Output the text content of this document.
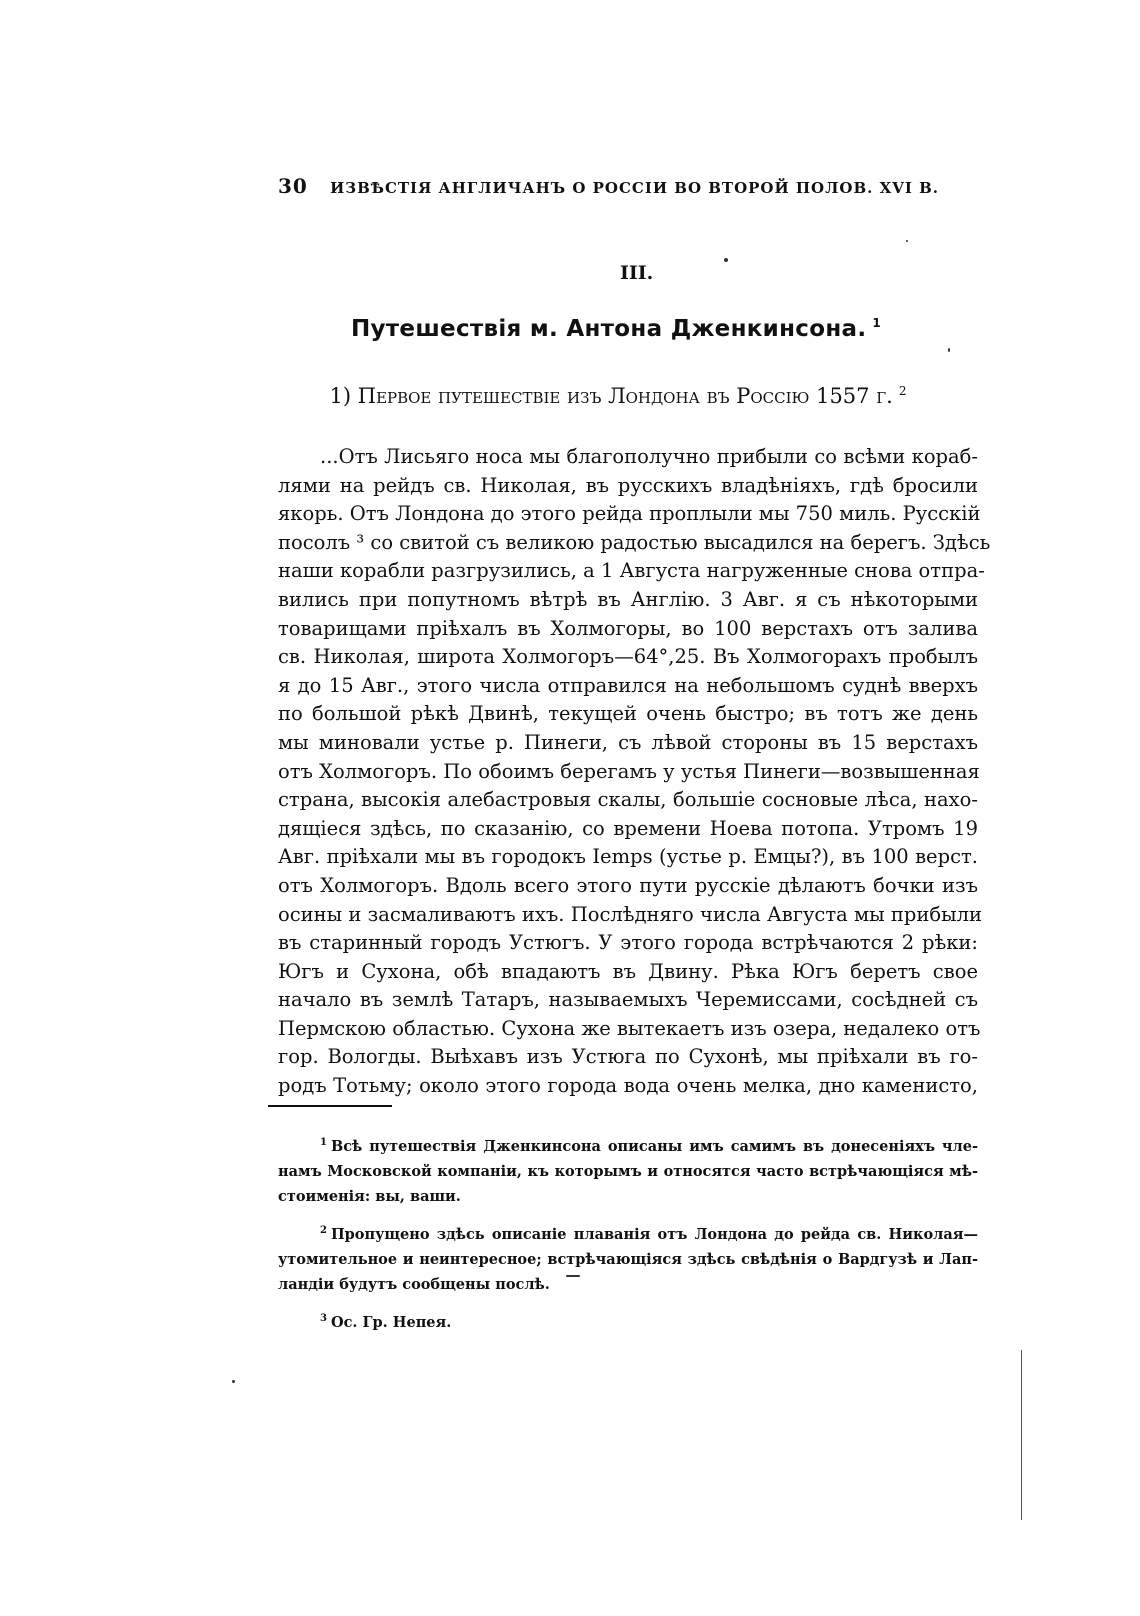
30 ИЗВѢСТІЯ АНГЛИЧАНЪ О РОССІИ ВО ВТОРОЙ ПОЛОВ. XVI В.
III.
Путешествія м. Антона Дженкинсона. $^1$
1) Первое путешествіе изъ Лондона въ Россію 1557 г. $^2$
...Отъ Лисьяго носа мы благополучно прибыли со всѣми кораб-
лями на рейдъ св. Николая, въ русскихъ владѣніяхъ, гдѣ бросили
якорь. Отъ Лондона до этого рейда проплыли мы 750 миль. Русскій
посолъ ³ со свитой съ великою радостью высадился на берегъ. Здѣсь
наши корабли разгрузились, а 1 Августа нагруженные снова отпра-
вились при попутномъ вѣтрѣ въ Англію. 3 Авг. я съ нѣкоторыми
товарищами пріѣхалъ въ Холмогоры, во 100 верстахъ отъ залива
св. Николая, широта Холмогоръ—64°,25. Въ Холмогорахъ пробылъ
я до 15 Авг., этого числа отправился на небольшомъ суднѣ вверхъ
по большой рѣкѣ Двинѣ, текущей очень быстро; въ тотъ же день
мы миновали устье р. Пинеги, съ лѣвой стороны въ 15 верстахъ
отъ Холмогоръ. По обоимъ берегамъ у устья Пинеги—возвышенная
страна, высокія алебастровыя скалы, большіе сосновые лѣса, нахо-
дящіеся здѣсь, по сказанію, со времени Ноева потопа. Утромъ 19
Авг. пріѣхали мы въ городокъ Iemps (устье р. Емцы?), въ 100 верст.
отъ Холмогоръ. Вдоль всего этого пути русскіе дѣлаютъ бочки изъ
осины и засмаливаютъ ихъ. Послѣдняго числа Августа мы прибыли
въ старинный городъ Устюгъ. У этого города встрѣчаются 2 рѣки:
Югъ и Сухона, обѣ впадаютъ въ Двину. Рѣка Югъ беретъ свое
начало въ землѣ Татаръ, называемыхъ Черемиссами, сосѣдней съ
Пермскою областью. Сухона же вытекаетъ изъ озера, недалеко отъ
гор. Вологды. Выѣхавъ изъ Устюга по Сухонѣ, мы пріѣхали въ го-
родъ Тотьму; около этого города вода очень мелка, дно каменисто,
$^1$ Всѣ путешествія Дженкинсона описаны имъ самимъ въ донесеніяхъ чле-
намъ Московской компаніи, къ которымъ и относятся часто встрѣчающіяся мѣ-
стоименія: вы, ваши.
$^2$ Пропущено здѣсь описаніе плаванія отъ Лондона до рейда св. Николая—
утомительное и неинтересное; встрѣчающіяся здѣсь свѣдѣнія о Вардгузѣ и Лап-
ландіи будутъ сообщены послѣ.
$^3$ Ос. Гр. Непея.
